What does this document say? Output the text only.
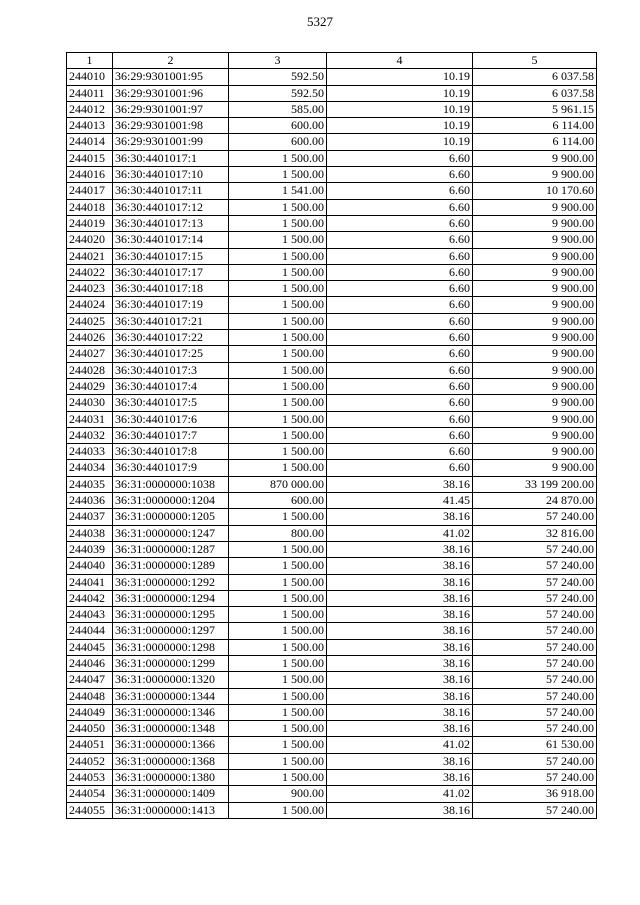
5327
1	2	3	4	5
244010	36:29:9301001:95	592.50	10.19	6 037.58
244011	36:29:9301001:96	592.50	10.19	6 037.58
244012	36:29:9301001:97	585.00	10.19	5 961.15
244013	36:29:9301001:98	600.00	10.19	6 114.00
244014	36:29:9301001:99	600.00	10.19	6 114.00
244015	36:30:4401017:1	1 500.00	6.60	9 900.00
244016	36:30:4401017:10	1 500.00	6.60	9 900.00
244017	36:30:4401017:11	1 541.00	6.60	10 170.60
244018	36:30:4401017:12	1 500.00	6.60	9 900.00
244019	36:30:4401017:13	1 500.00	6.60	9 900.00
244020	36:30:4401017:14	1 500.00	6.60	9 900.00
244021	36:30:4401017:15	1 500.00	6.60	9 900.00
244022	36:30:4401017:17	1 500.00	6.60	9 900.00
244023	36:30:4401017:18	1 500.00	6.60	9 900.00
244024	36:30:4401017:19	1 500.00	6.60	9 900.00
244025	36:30:4401017:21	1 500.00	6.60	9 900.00
244026	36:30:4401017:22	1 500.00	6.60	9 900.00
244027	36:30:4401017:25	1 500.00	6.60	9 900.00
244028	36:30:4401017:3	1 500.00	6.60	9 900.00
244029	36:30:4401017:4	1 500.00	6.60	9 900.00
244030	36:30:4401017:5	1 500.00	6.60	9 900.00
244031	36:30:4401017:6	1 500.00	6.60	9 900.00
244032	36:30:4401017:7	1 500.00	6.60	9 900.00
244033	36:30:4401017:8	1 500.00	6.60	9 900.00
244034	36:30:4401017:9	1 500.00	6.60	9 900.00
244035	36:31:0000000:1038	870 000.00	38.16	33 199 200.00
244036	36:31:0000000:1204	600.00	41.45	24 870.00
244037	36:31:0000000:1205	1 500.00	38.16	57 240.00
244038	36:31:0000000:1247	800.00	41.02	32 816.00
244039	36:31:0000000:1287	1 500.00	38.16	57 240.00
244040	36:31:0000000:1289	1 500.00	38.16	57 240.00
244041	36:31:0000000:1292	1 500.00	38.16	57 240.00
244042	36:31:0000000:1294	1 500.00	38.16	57 240.00
244043	36:31:0000000:1295	1 500.00	38.16	57 240.00
244044	36:31:0000000:1297	1 500.00	38.16	57 240.00
244045	36:31:0000000:1298	1 500.00	38.16	57 240.00
244046	36:31:0000000:1299	1 500.00	38.16	57 240.00
244047	36:31:0000000:1320	1 500.00	38.16	57 240.00
244048	36:31:0000000:1344	1 500.00	38.16	57 240.00
244049	36:31:0000000:1346	1 500.00	38.16	57 240.00
244050	36:31:0000000:1348	1 500.00	38.16	57 240.00
244051	36:31:0000000:1366	1 500.00	41.02	61 530.00
244052	36:31:0000000:1368	1 500.00	38.16	57 240.00
244053	36:31:0000000:1380	1 500.00	38.16	57 240.00
244054	36:31:0000000:1409	900.00	41.02	36 918.00
244055	36:31:0000000:1413	1 500.00	38.16	57 240.00
